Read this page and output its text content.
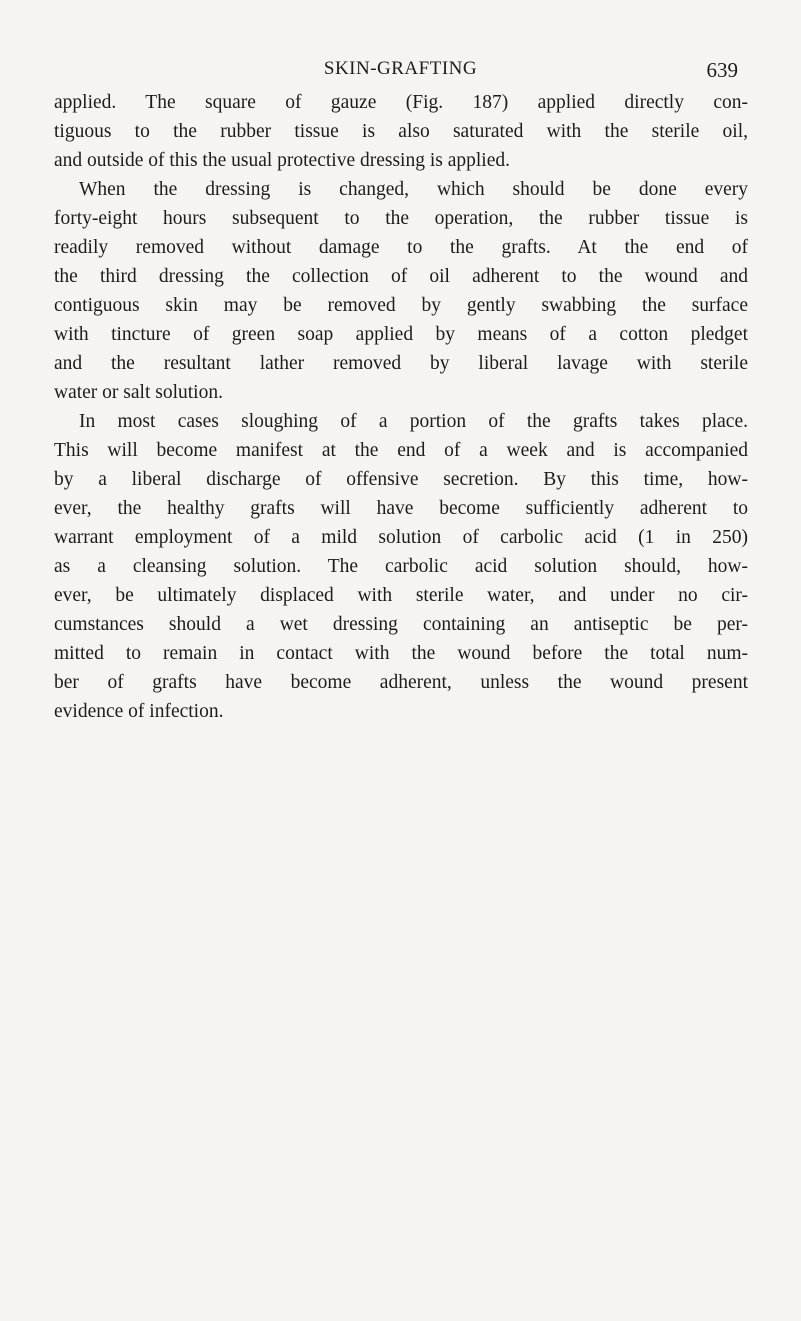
SKIN-GRAFTING	639
applied. The square of gauze (Fig. 187) applied directly con-
tiguous to the rubber tissue is also saturated with the sterile oil,
and outside of this the usual protective dressing is applied.
When the dressing is changed, which should be done every
forty-eight hours subsequent to the operation, the rubber tissue is
readily removed without damage to the grafts. At the end of
the third dressing the collection of oil adherent to the wound and
contiguous skin may be removed by gently swabbing the surface
with tincture of green soap applied by means of a cotton pledget
and the resultant lather removed by liberal lavage with sterile
water or salt solution.
In most cases sloughing of a portion of the grafts takes place.
This will become manifest at the end of a week and is accompanied
by a liberal discharge of offensive secretion. By this time, how-
ever, the healthy grafts will have become sufficiently adherent to
warrant employment of a mild solution of carbolic acid (1 in 250)
as a cleansing solution. The carbolic acid solution should, how-
ever, be ultimately displaced with sterile water, and under no cir-
cumstances should a wet dressing containing an antiseptic be per-
mitted to remain in contact with the wound before the total num-
ber of grafts have become adherent, unless the wound present
evidence of infection.
